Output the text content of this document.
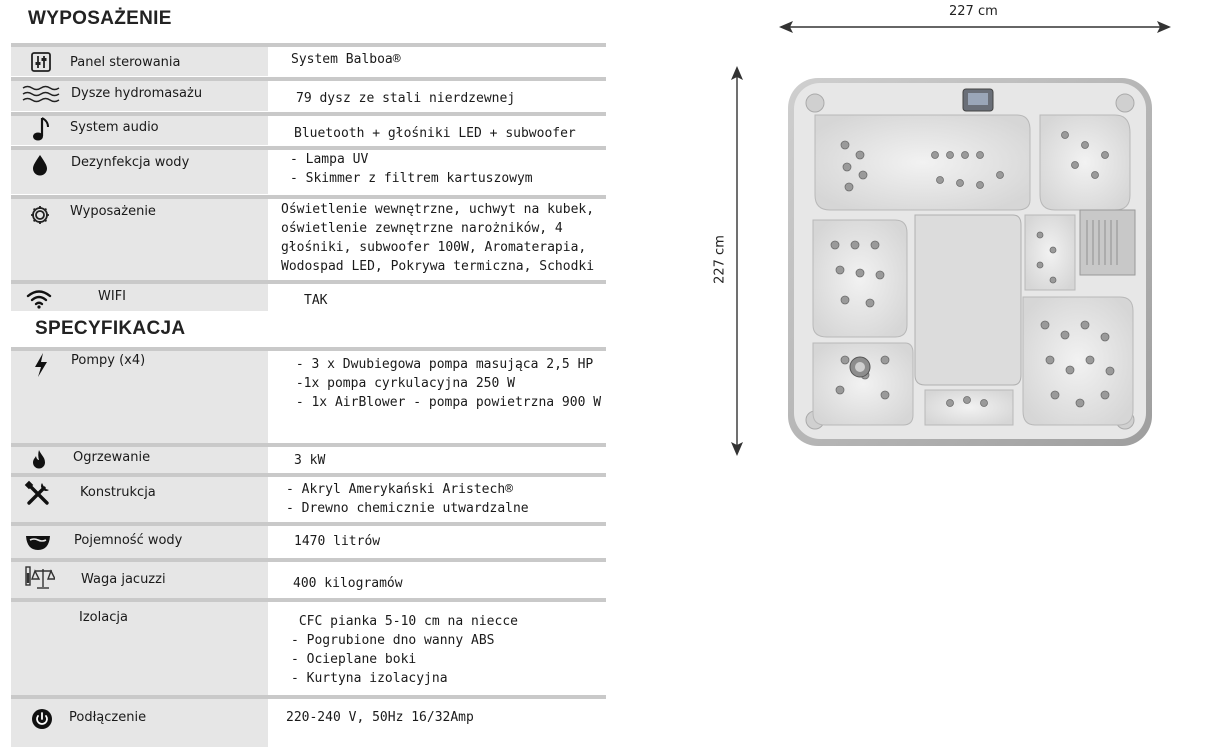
WYPOSAŻENIE
Panel sterowania	System Balboa®
Dysze hydromasażu	79 dysz ze stali nierdzewnej
System audio	Bluetooth + głośniki LED + subwoofer
Dezynfekcja wody	- Lampa UV
- Skimmer z filtrem kartuszowym
Wyposażenie	Oświetlenie wewnętrzne, uchwyt na kubek,
oświetlenie zewnętrzne narożników, 4
głośniki, subwoofer 100W, Aromaterapia,
Wodospad LED, Pokrywa termiczna, Schodki
WIFI	TAK
SPECYFIKACJA
Pompy (x4)	- 3 x Dwubiegowa pompa masująca 2,5 HP
-1x pompa cyrkulacyjna 250 W
- 1x AirBlower - pompa powietrzna 900 W
Ogrzewanie	3 kW
Konstrukcja	- Akryl Amerykański Aristech®
- Drewno chemicznie utwardzalne
Pojemność wody	1470 litrów
Waga jacuzzi	400 kilogramów
Izolacja	CFC pianka 5-10 cm na niecce
- Pogrubione dno wanny ABS
- Ocieplane boki
- Kurtyna izolacyjna
Podłączenie	220-240 V, 50Hz 16/32Amp
227 cm
227 cm
